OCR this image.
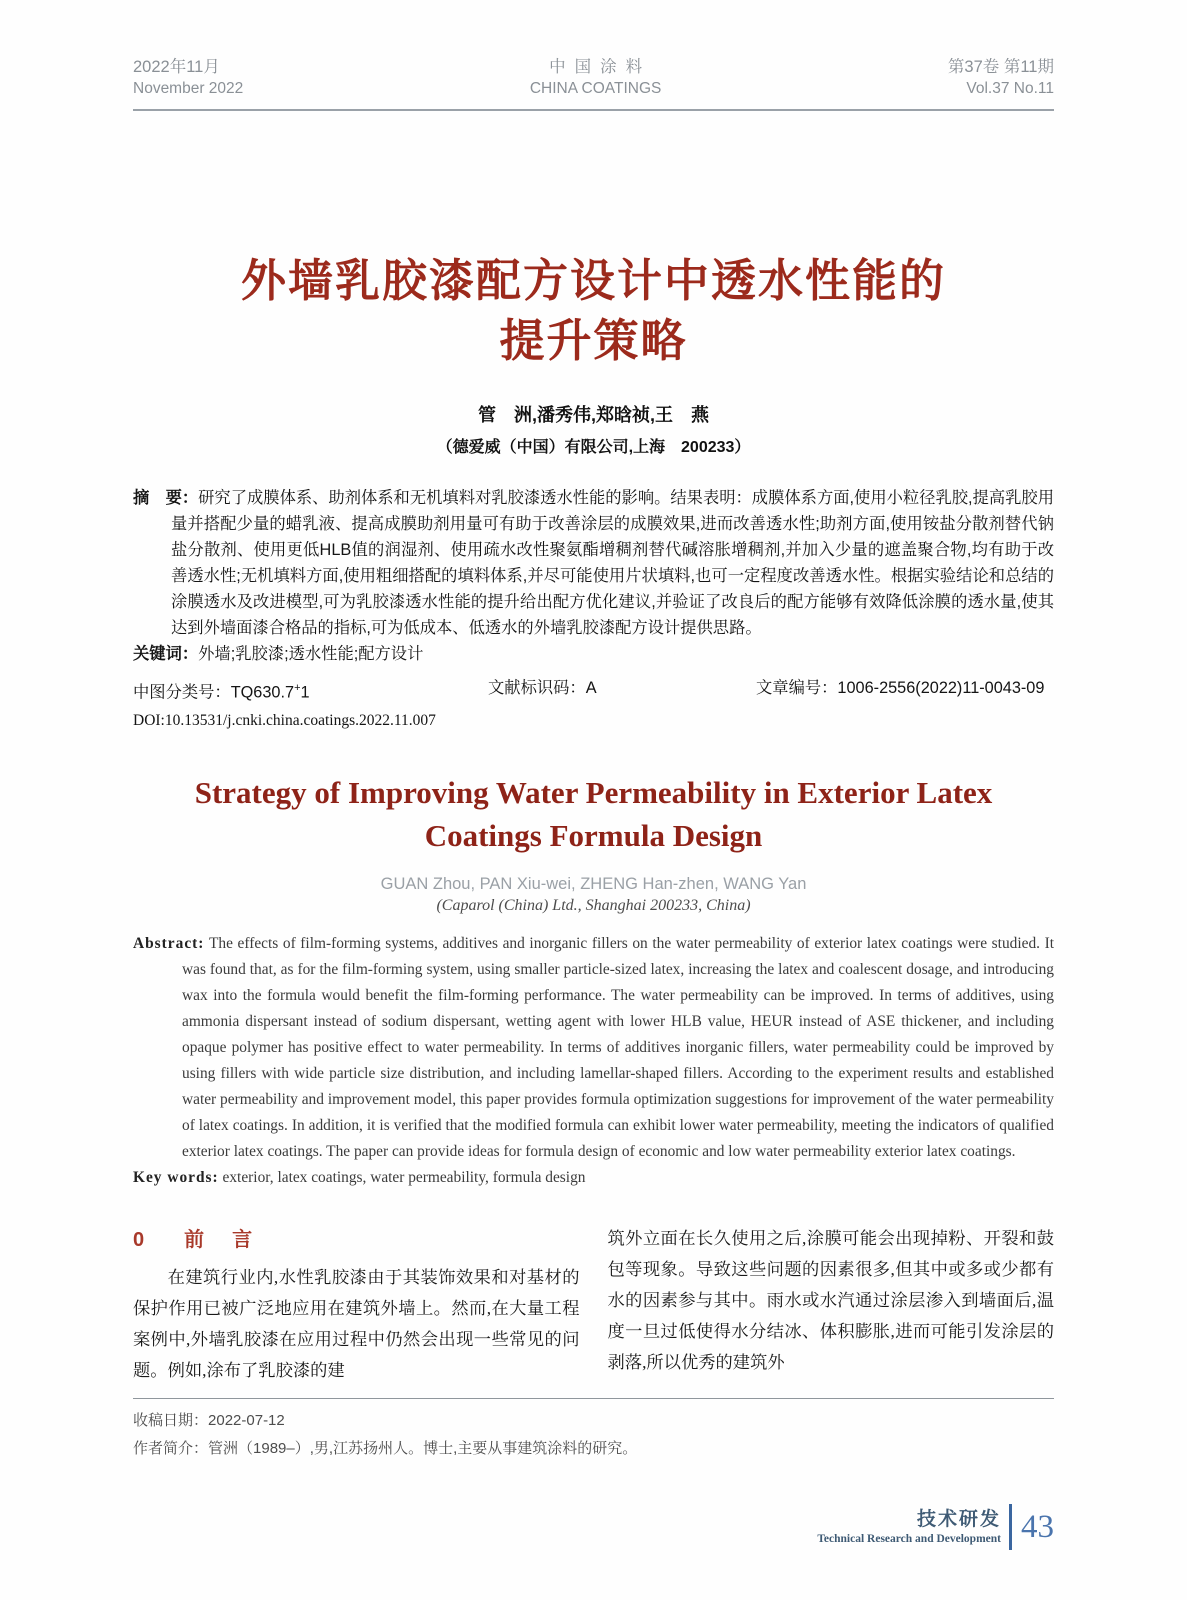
2022年11月
November 2022
中国涂料
CHINA COATINGS
第37卷 第11期
Vol.37 No.11
外墙乳胶漆配方设计中透水性能的
提升策略
管　洲,潘秀伟,郑晗祯,王　燕
（德爱威（中国）有限公司,上海　200233）
摘　要：研究了成膜体系、助剂体系和无机填料对乳胶漆透水性能的影响。结果表明：成膜体系方面,使用小粒径乳胶,提高乳胶用量并搭配少量的蜡乳液、提高成膜助剂用量可有助于改善涂层的成膜效果,进而改善透水性;助剂方面,使用铵盐分散剂替代钠盐分散剂、使用更低HLB值的润湿剂、使用疏水改性聚氨酯增稠剂替代碱溶胀增稠剂,并加入少量的遮盖聚合物,均有助于改善透水性;无机填料方面,使用粗细搭配的填料体系,并尽可能使用片状填料,也可一定程度改善透水性。根据实验结论和总结的涂膜透水及改进模型,可为乳胶漆透水性能的提升给出配方优化建议,并验证了改良后的配方能够有效降低涂膜的透水量,使其达到外墙面漆合格品的指标,可为低成本、低透水的外墙乳胶漆配方设计提供思路。
关键词：外墙;乳胶漆;透水性能;配方设计
中图分类号：TQ630.7+1	文献标识码：A	文章编号：1006-2556(2022)11-0043-09
DOI:10.13531/j.cnki.china.coatings.2022.11.007
Strategy of Improving Water Permeability in Exterior Latex
Coatings Formula Design
GUAN Zhou, PAN Xiu-wei, ZHENG Han-zhen, WANG Yan
(Caparol (China) Ltd., Shanghai 200233, China)
Abstract: The effects of film-forming systems, additives and inorganic fillers on the water permeability of exterior latex coatings were studied. It was found that, as for the film-forming system, using smaller particle-sized latex, increasing the latex and coalescent dosage, and introducing wax into the formula would benefit the film-forming performance. The water permeability can be improved. In terms of additives, using ammonia dispersant instead of sodium dispersant, wetting agent with lower HLB value, HEUR instead of ASE thickener, and including opaque polymer has positive effect to water permeability. In terms of additives inorganic fillers, water permeability could be improved by using fillers with wide particle size distribution, and including lamellar-shaped fillers. According to the experiment results and established water permeability and improvement model, this paper provides formula optimization suggestions for improvement of the water permeability of latex coatings. In addition, it is verified that the modified formula can exhibit lower water permeability, meeting the indicators of qualified exterior latex coatings. The paper can provide ideas for formula design of economic and low water permeability exterior latex coatings.
Key words: exterior, latex coatings, water permeability, formula design
0 前　言

在建筑行业内,水性乳胶漆由于其装饰效果和对基材的保护作用已被广泛地应用在建筑外墙上。然而,在大量工程案例中,外墙乳胶漆在应用过程中仍然会出现一些常见的问题。例如,涂布了乳胶漆的建

筑外立面在长久使用之后,涂膜可能会出现掉粉、开裂和鼓包等现象。导致这些问题的因素很多,但其中或多或少都有水的因素参与其中。雨水或水汽通过涂层渗入到墙面后,温度一旦过低使得水分结冰、体积膨胀,进而可能引发涂层的剥落,所以优秀的建筑外

收稿日期：2022-07-12
作者简介：管洲（1989–）,男,江苏扬州人。博士,主要从事建筑涂料的研究。
技术研发
Technical Research and Development 43
